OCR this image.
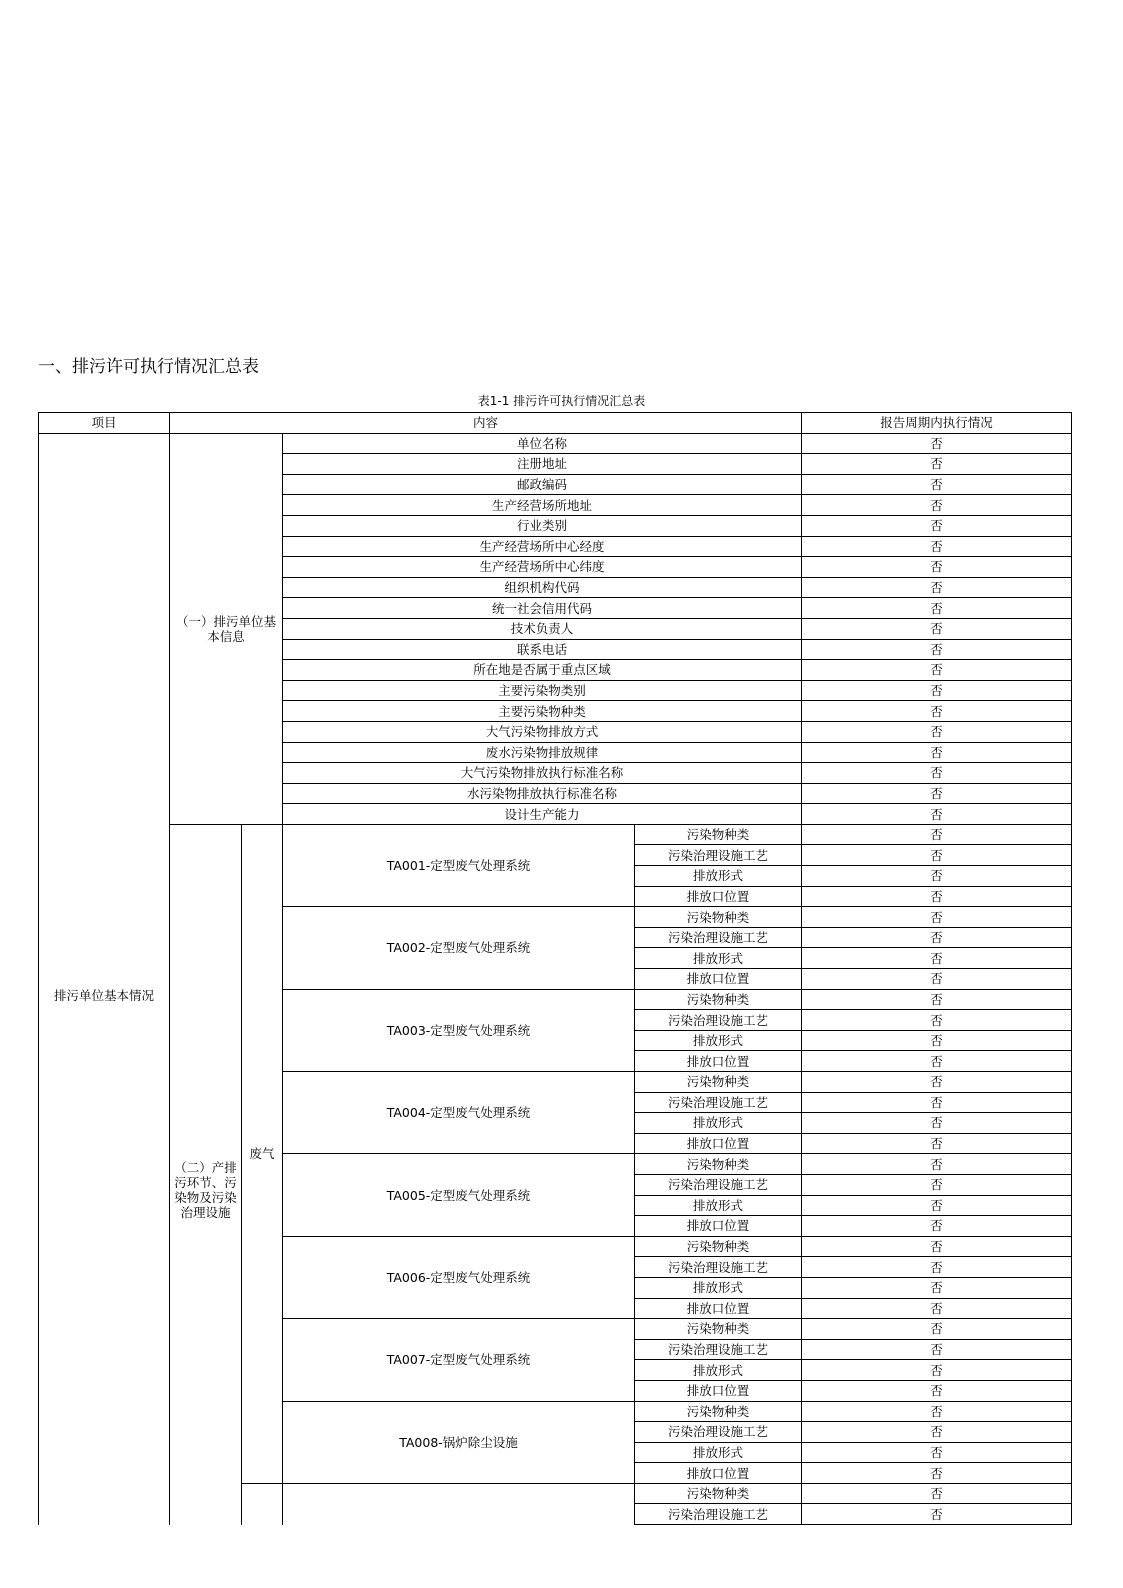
一、排污许可执行情况汇总表
表1-1 排污许可执行情况汇总表
项目	内容				报告周期内执行情况	
排污单位基本情况	（一）排污单位基本信息		单位名称		否	
			注册地址		否	
			邮政编码		否	
			生产经营场所地址		否	
			行业类别		否	
			生产经营场所中心经度		否	
			生产经营场所中心纬度		否	
			组织机构代码		否	
			统一社会信用代码		否	
			技术负责人		否	
			联系电话		否	
			所在地是否属于重点区域		否	
			主要污染物类别		否	
			主要污染物种类		否	
			大气污染物排放方式		否	
			废水污染物排放规律		否	
			大气污染物排放执行标准名称		否	
			水污染物排放执行标准名称		否	
			设计生产能力		否	
	（二）产排污环节、污染物及污染治理设施	废气	TA001-定型废气处理系统	污染物种类	否	
				污染治理设施工艺	否	
				排放形式	否	
				排放口位置	否	
			TA002-定型废气处理系统	污染物种类	否	
				污染治理设施工艺	否	
				排放形式	否	
				排放口位置	否	
			TA003-定型废气处理系统	污染物种类	否	
				污染治理设施工艺	否	
				排放形式	否	
				排放口位置	否	
			TA004-定型废气处理系统	污染物种类	否	
				污染治理设施工艺	否	
				排放形式	否	
				排放口位置	否	
			TA005-定型废气处理系统	污染物种类	否	
				污染治理设施工艺	否	
				排放形式	否	
				排放口位置	否	
			TA006-定型废气处理系统	污染物种类	否	
				污染治理设施工艺	否	
				排放形式	否	
				排放口位置	否	
			TA007-定型废气处理系统	污染物种类	否	
				污染治理设施工艺	否	
				排放形式	否	
				排放口位置	否	
			TA008-锅炉除尘设施	污染物种类	否	
				污染治理设施工艺	否	
				排放形式	否	
				排放口位置	否	
				污染物种类	否	
				污染治理设施工艺	否	
